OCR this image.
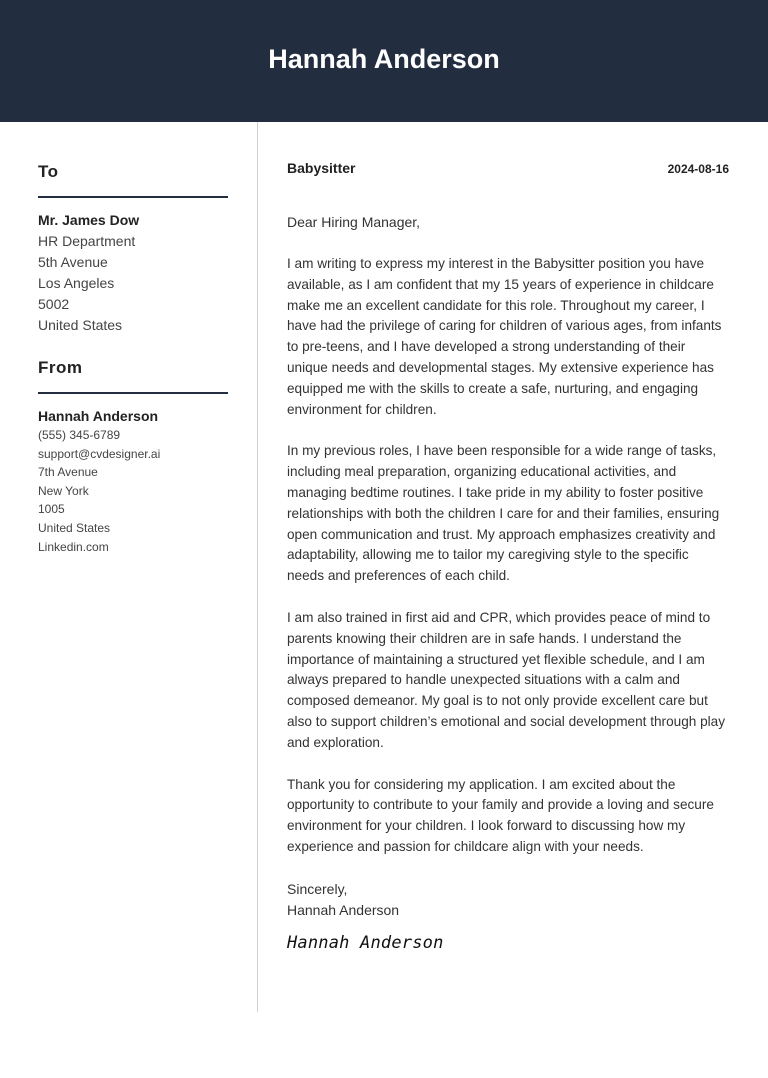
Hannah Anderson
To
Mr. James Dow
HR Department
5th Avenue
Los Angeles
5002
United States
From
Hannah Anderson
(555) 345-6789
support@cvdesigner.ai
7th Avenue
New York
1005
United States
Linkedin.com
Babysitter	2024-08-16
Dear Hiring Manager,
I am writing to express my interest in the Babysitter position you have available, as I am confident that my 15 years of experience in childcare make me an excellent candidate for this role. Throughout my career, I have had the privilege of caring for children of various ages, from infants to pre-teens, and I have developed a strong understanding of their unique needs and developmental stages. My extensive experience has equipped me with the skills to create a safe, nurturing, and engaging environment for children.
In my previous roles, I have been responsible for a wide range of tasks, including meal preparation, organizing educational activities, and managing bedtime routines. I take pride in my ability to foster positive relationships with both the children I care for and their families, ensuring open communication and trust. My approach emphasizes creativity and adaptability, allowing me to tailor my caregiving style to the specific needs and preferences of each child.
I am also trained in first aid and CPR, which provides peace of mind to parents knowing their children are in safe hands. I understand the importance of maintaining a structured yet flexible schedule, and I am always prepared to handle unexpected situations with a calm and composed demeanor. My goal is to not only provide excellent care but also to support children’s emotional and social development through play and exploration.
Thank you for considering my application. I am excited about the opportunity to contribute to your family and provide a loving and secure environment for your children. I look forward to discussing how my experience and passion for childcare align with your needs.
Sincerely,
Hannah Anderson
Hannah Anderson
